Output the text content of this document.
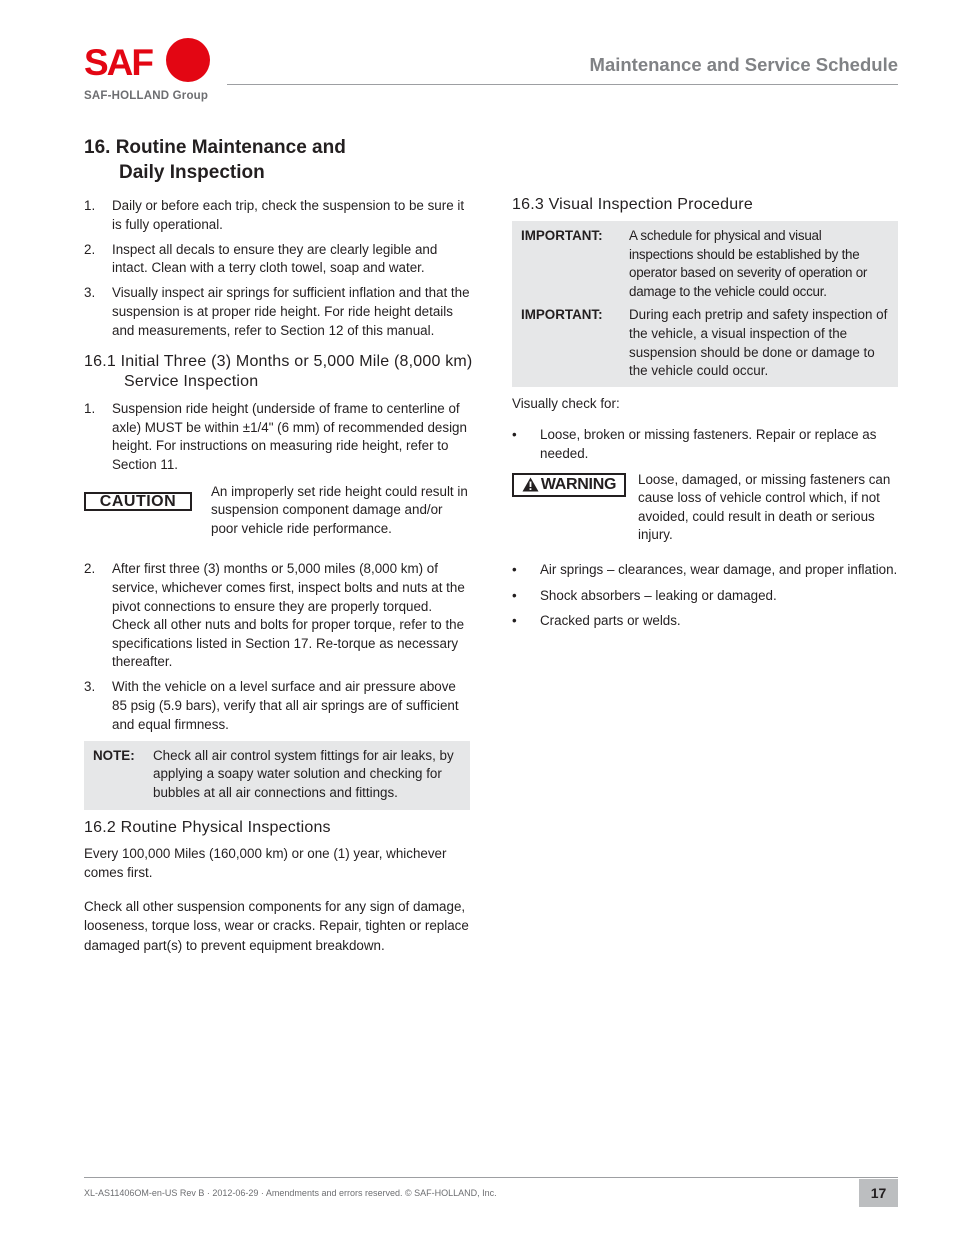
SAF
SAF-HOLLAND Group
Maintenance and Service Schedule
16. Routine Maintenance and
Daily Inspection
1. Daily or before each trip, check the suspension to be sure it is fully operational.
2. Inspect all decals to ensure they are clearly legible and intact. Clean with a terry cloth towel, soap and water.
3. Visually inspect air springs for sufficient inflation and that the suspension is at proper ride height. For ride height details and measurements, refer to Section 12 of this manual.
16.1 Initial Three (3) Months or 5,000 Mile (8,000 km) Service Inspection
1. Suspension ride height (underside of frame to centerline of axle) MUST be within ±1/4" (6 mm) of recommended design height. For instructions on measuring ride height, refer to Section 11.
CAUTION

An improperly set ride height could result in suspension component damage and/or poor vehicle ride performance.

2. After first three (3) months or 5,000 miles (8,000 km) of service, whichever comes first, inspect bolts and nuts at the pivot connections to ensure they are properly torqued. Check all other nuts and bolts for proper torque, refer to the specifications listed in Section 17. Re-torque as necessary thereafter.
3. With the vehicle on a level surface and air pressure above 85 psig (5.9 bars), verify that all air springs are of sufficient and equal firmness.
NOTE: Check all air control system fittings for air leaks, by applying a soapy water solution and checking for bubbles at all air connections and fittings.

16.2 Routine Physical Inspections

Every 100,000 Miles (160,000 km) or one (1) year, whichever comes first.

Check all other suspension components for any sign of damage, looseness, torque loss, wear or cracks. Repair, tighten or replace damaged part(s) to prevent equipment breakdown.

16.3 Visual Inspection Procedure
IMPORTANT: A schedule for physical and visual inspections should be established by the operator based on severity of operation or damage to the vehicle could occur.

IMPORTANT: During each pretrip and safety inspection of the vehicle, a visual inspection of the suspension should be done or damage to the vehicle could occur.

Visually check for:

• Loose, broken or missing fasteners. Repair or replace as needed.
WARNING Loose, damaged, or missing fasteners can cause loss of vehicle control which, if not avoided, could result in death or serious injury.

• Air springs – clearances, wear damage, and proper inflation.
• Shock absorbers – leaking or damaged.
• Cracked parts or welds.
XL-AS11406OM-en-US Rev B · 2012-06-29 · Amendments and errors reserved. © SAF-HOLLAND, Inc.	17
